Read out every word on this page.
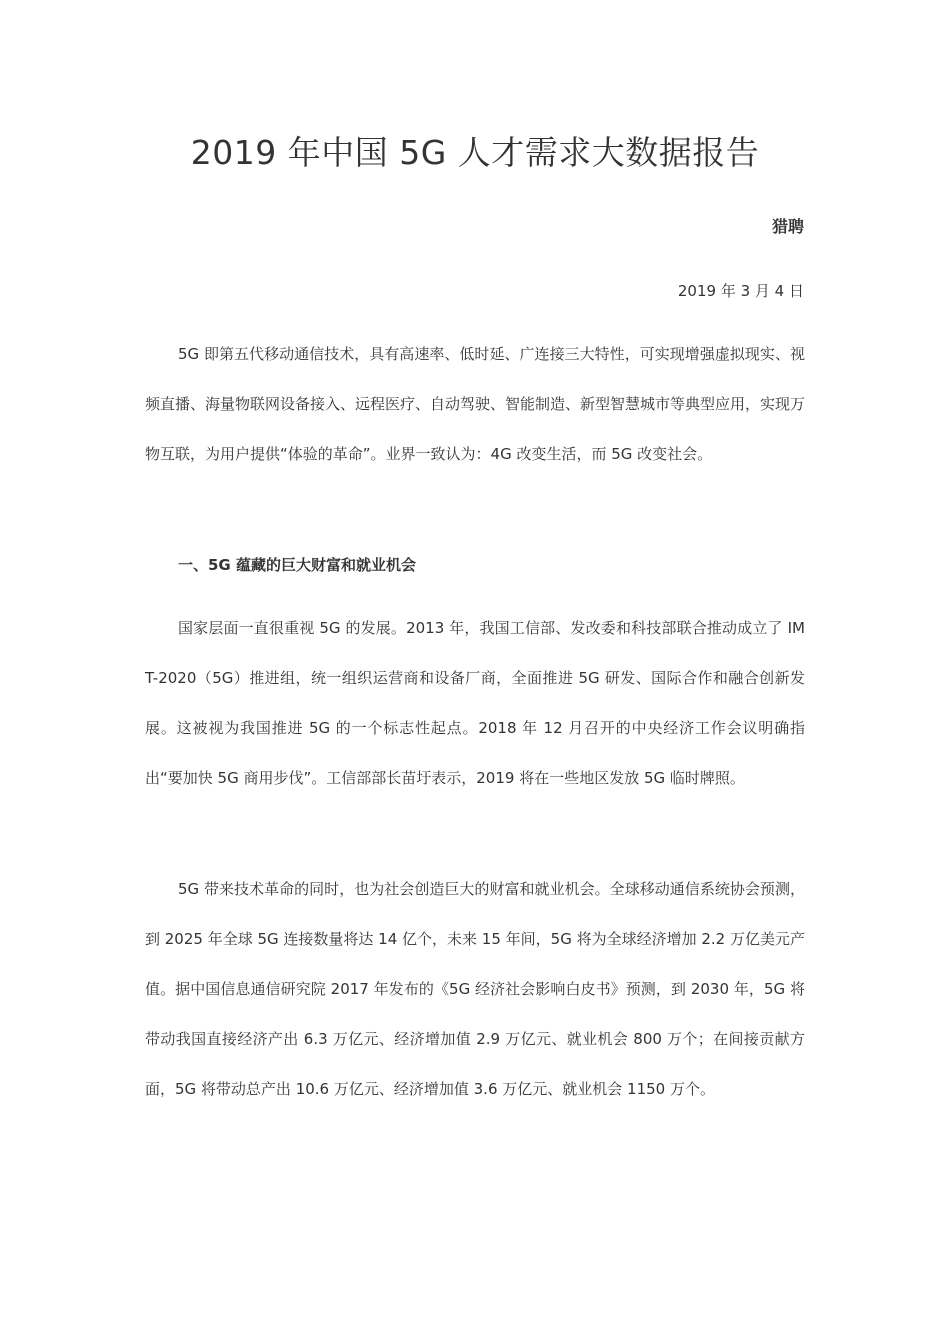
2019 年中国 5G 人才需求大数据报告
猎聘
2019 年 3 月 4 日

5G 即第五代移动通信技术，具有高速率、低时延、广连接三大特性，可实现增强虚拟现实、视频直播、海量物联网设备接入、远程医疗、自动驾驶、智能制造、新型智慧城市等典型应用，实现万物互联，为用户提供“体验的革命”。业界一致认为：4G 改变生活，而 5G 改变社会。

一、5G 蕴藏的巨大财富和就业机会

国家层面一直很重视 5G 的发展。2013 年，我国工信部、发改委和科技部联合推动成立了 IMT-2020（5G）推进组，统一组织运营商和设备厂商，全面推进 5G 研发、国际合作和融合创新发展。这被视为我国推进 5G 的一个标志性起点。2018 年 12 月召开的中央经济工作会议明确指出“要加快 5G 商用步伐”。工信部部长苗圩表示，2019 将在一些地区发放 5G 临时牌照。

5G 带来技术革命的同时，也为社会创造巨大的财富和就业机会。全球移动通信系统协会预测，到 2025 年全球 5G 连接数量将达 14 亿个，未来 15 年间，5G 将为全球经济增加 2.2 万亿美元产值。据中国信息通信研究院 2017 年发布的《5G 经济社会影响白皮书》预测，到 2030 年，5G 将带动我国直接经济产出 6.3 万亿元、经济增加值 2.9 万亿元、就业机会 800 万个；在间接贡献方面，5G 将带动总产出 10.6 万亿元、经济增加值 3.6 万亿元、就业机会 1150 万个。
